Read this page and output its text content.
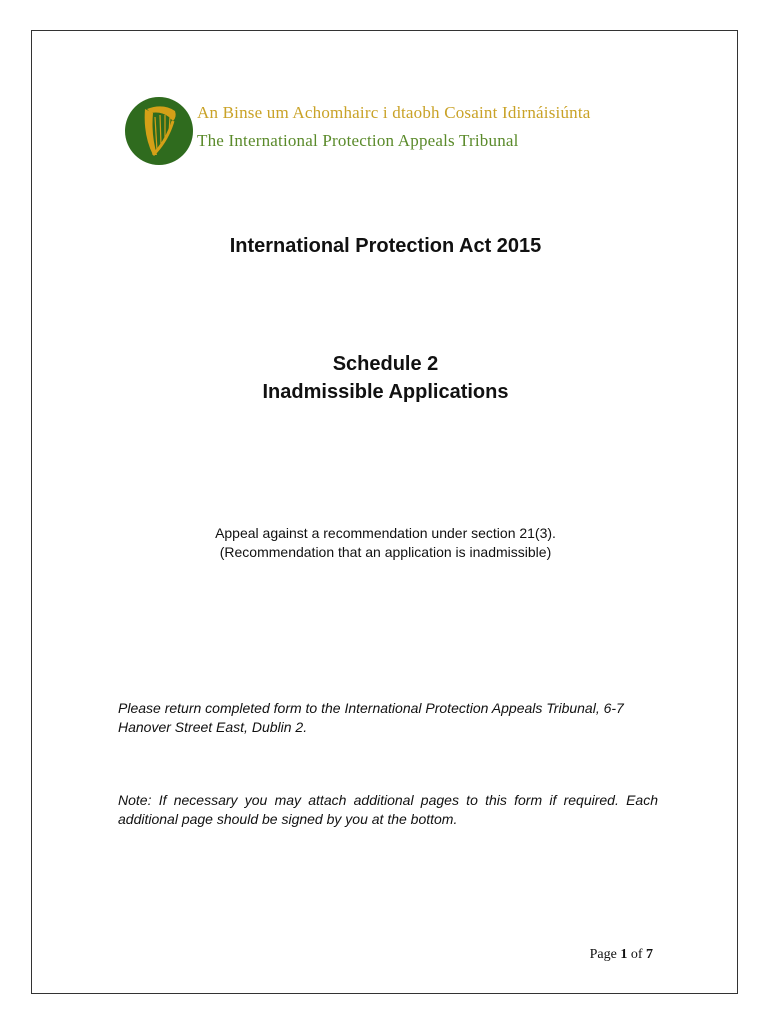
An Binse um Achomhairc i dtaobh Cosaint Idirnáisiúnta
The International Protection Appeals Tribunal
International Protection Act 2015
Schedule 2
Inadmissible Applications
Appeal against a recommendation under section 21(3).
(Recommendation that an application is inadmissible)
Please return completed form to the International Protection Appeals Tribunal, 6-7 Hanover Street East, Dublin 2.
Note: If necessary you may attach additional pages to this form if required. Each additional page should be signed by you at the bottom.
Page 1 of 7
